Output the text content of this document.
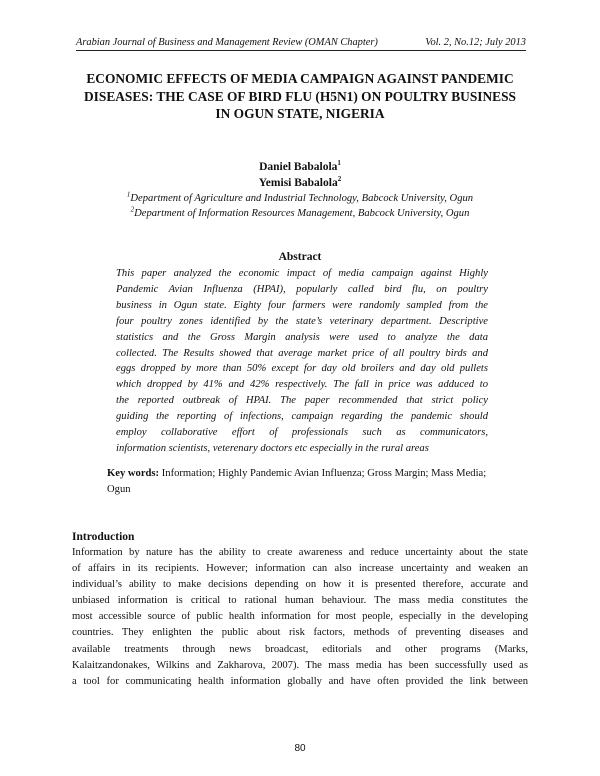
Arabian Journal of Business and Management Review (OMAN Chapter)	Vol. 2, No.12; July 2013
ECONOMIC EFFECTS OF MEDIA CAMPAIGN AGAINST PANDEMIC
DISEASES: THE CASE OF BIRD FLU (H5N1) ON POULTRY BUSINESS
IN OGUN STATE, NIGERIA
Daniel Babalola$^1$
Yemisi Babalola$^2$
$^1$Department of Agriculture and Industrial Technology, Babcock University, Ogun
$^2$Department of Information Resources Management, Babcock University, Ogun
Abstract
This paper analyzed the economic impact of media campaign against Highly
Pandemic Avian Influenza (HPAI), popularly called bird flu, on poultry
business in Ogun state. Eighty four farmers were randomly sampled from the
four poultry zones identified by the state’s veterinary department. Descriptive
statistics and the Gross Margin analysis were used to analyze the data
collected. The Results showed that average market price of all poultry birds and
eggs dropped by more than 50% except for day old broilers and day old pullets
which dropped by 41% and 42% respectively. The fall in price was adduced to
the reported outbreak of HPAI. The paper recommended that strict policy
guiding the reporting of infections, campaign regarding the pandemic should
employ collaborative effort of professionals such as communicators,
information scientists, veterenary doctors etc especially in the rural areas
Key words: Information; Highly Pandemic Avian Influenza; Gross Margin; Mass Media; Ogun
Introduction
Information by nature has the ability to create awareness and reduce uncertainty about the state
of affairs in its recipients. However; information can also increase uncertainty and weaken an
individual’s ability to make decisions depending on how it is presented therefore, accurate and
unbiased information is critical to rational human behaviour. The mass media constitutes the
most accessible source of public health information for most people, especially in the developing
countries. They enlighten the public about risk factors, methods of preventing diseases and
available treatments through news broadcast, editorials and other programs (Marks,
Kalaitzandonakes, Wilkins and Zakharova, 2007). The mass media has been successfully used as
a tool for communicating health information globally and have often provided the link between
80
